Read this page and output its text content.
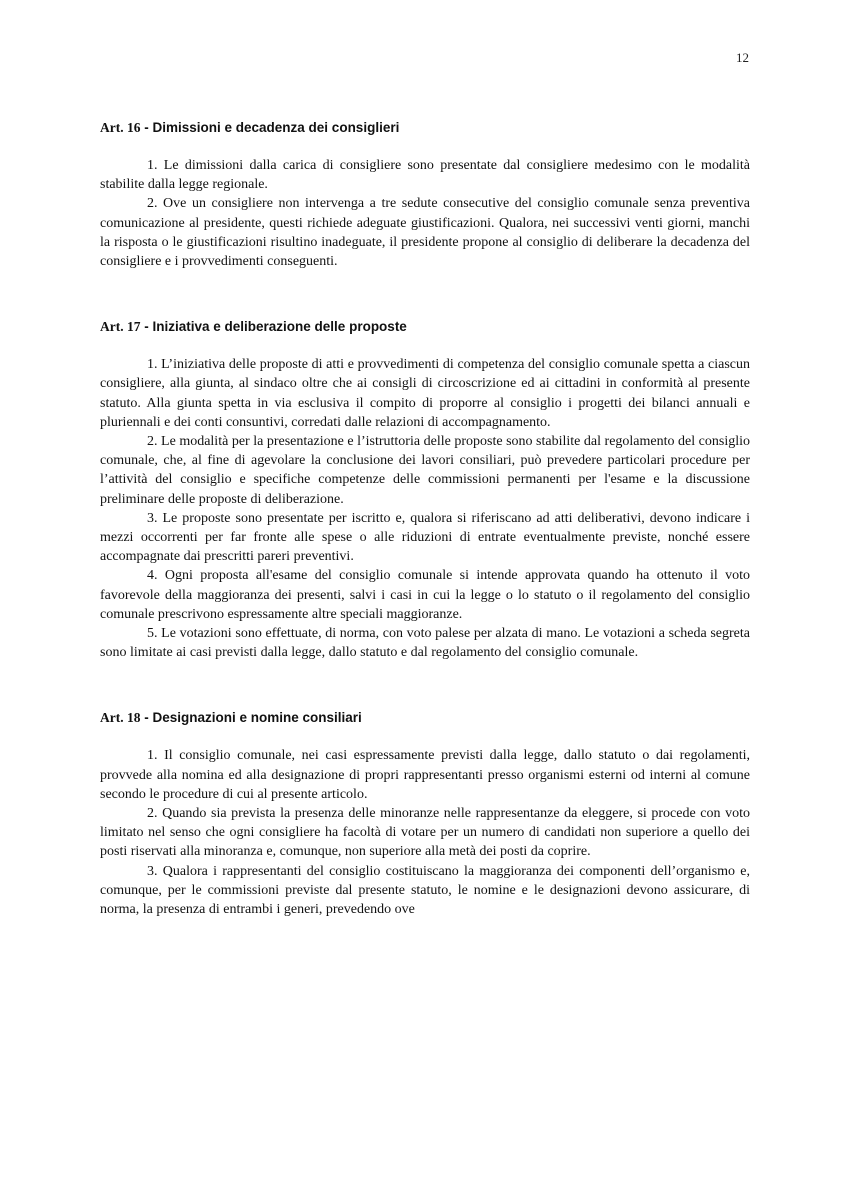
12
Art. 16 - Dimissioni e decadenza dei consiglieri

1. Le dimissioni dalla carica di consigliere sono presentate dal consigliere medesimo con le modalità stabilite dalla legge regionale.

2. Ove un consigliere non intervenga a tre sedute consecutive del consiglio comunale senza preventiva comunicazione al presidente, questi richiede adeguate giustificazioni. Qualora, nei successivi venti giorni, manchi la risposta o le giustificazioni risultino inadeguate, il presidente propone al consiglio di deliberare la decadenza del consigliere e i provvedimenti conseguenti.

Art. 17 - Iniziativa e deliberazione delle proposte

1. L’iniziativa delle proposte di atti e provvedimenti di competenza del consiglio comunale spetta a ciascun consigliere, alla giunta, al sindaco oltre che ai consigli di circoscrizione ed ai cittadini in conformità al presente statuto. Alla giunta spetta in via esclusiva il compito di proporre al consiglio i progetti dei bilanci annuali e pluriennali e dei conti consuntivi, corredati dalle relazioni di accompagnamento.

2. Le modalità per la presentazione e l’istruttoria delle proposte sono stabilite dal regolamento del consiglio comunale, che, al fine di agevolare la conclusione dei lavori consiliari, può prevedere particolari procedure per l’attività del consiglio e specifiche competenze delle commissioni permanenti per l'esame e la discussione preliminare delle proposte di deliberazione.

3. Le proposte sono presentate per iscritto e, qualora si riferiscano ad atti deliberativi, devono indicare i mezzi occorrenti per far fronte alle spese o alle riduzioni di entrate eventualmente previste, nonché essere accompagnate dai prescritti pareri preventivi.

4. Ogni proposta all'esame del consiglio comunale si intende approvata quando ha ottenuto il voto favorevole della maggioranza dei presenti, salvi i casi in cui la legge o lo statuto o il regolamento del consiglio comunale prescrivono espressamente altre speciali maggioranze.

5. Le votazioni sono effettuate, di norma, con voto palese per alzata di mano. Le votazioni a scheda segreta sono limitate ai casi previsti dalla legge, dallo statuto e dal regolamento del consiglio comunale.

Art. 18 - Designazioni e nomine consiliari

1. Il consiglio comunale, nei casi espressamente previsti dalla legge, dallo statuto o dai regolamenti, provvede alla nomina ed alla designazione di propri rappresentanti presso organismi esterni od interni al comune secondo le procedure di cui al presente articolo.

2. Quando sia prevista la presenza delle minoranze nelle rappresentanze da eleggere, si procede con voto limitato nel senso che ogni consigliere ha facoltà di votare per un numero di candidati non superiore a quello dei posti riservati alla minoranza e, comunque, non superiore alla metà dei posti da coprire.

3. Qualora i rappresentanti del consiglio costituiscano la maggioranza dei componenti dell’organismo e, comunque, per le commissioni previste dal presente statuto, le nomine e le designazioni devono assicurare, di norma, la presenza di entrambi i generi, prevedendo ove
